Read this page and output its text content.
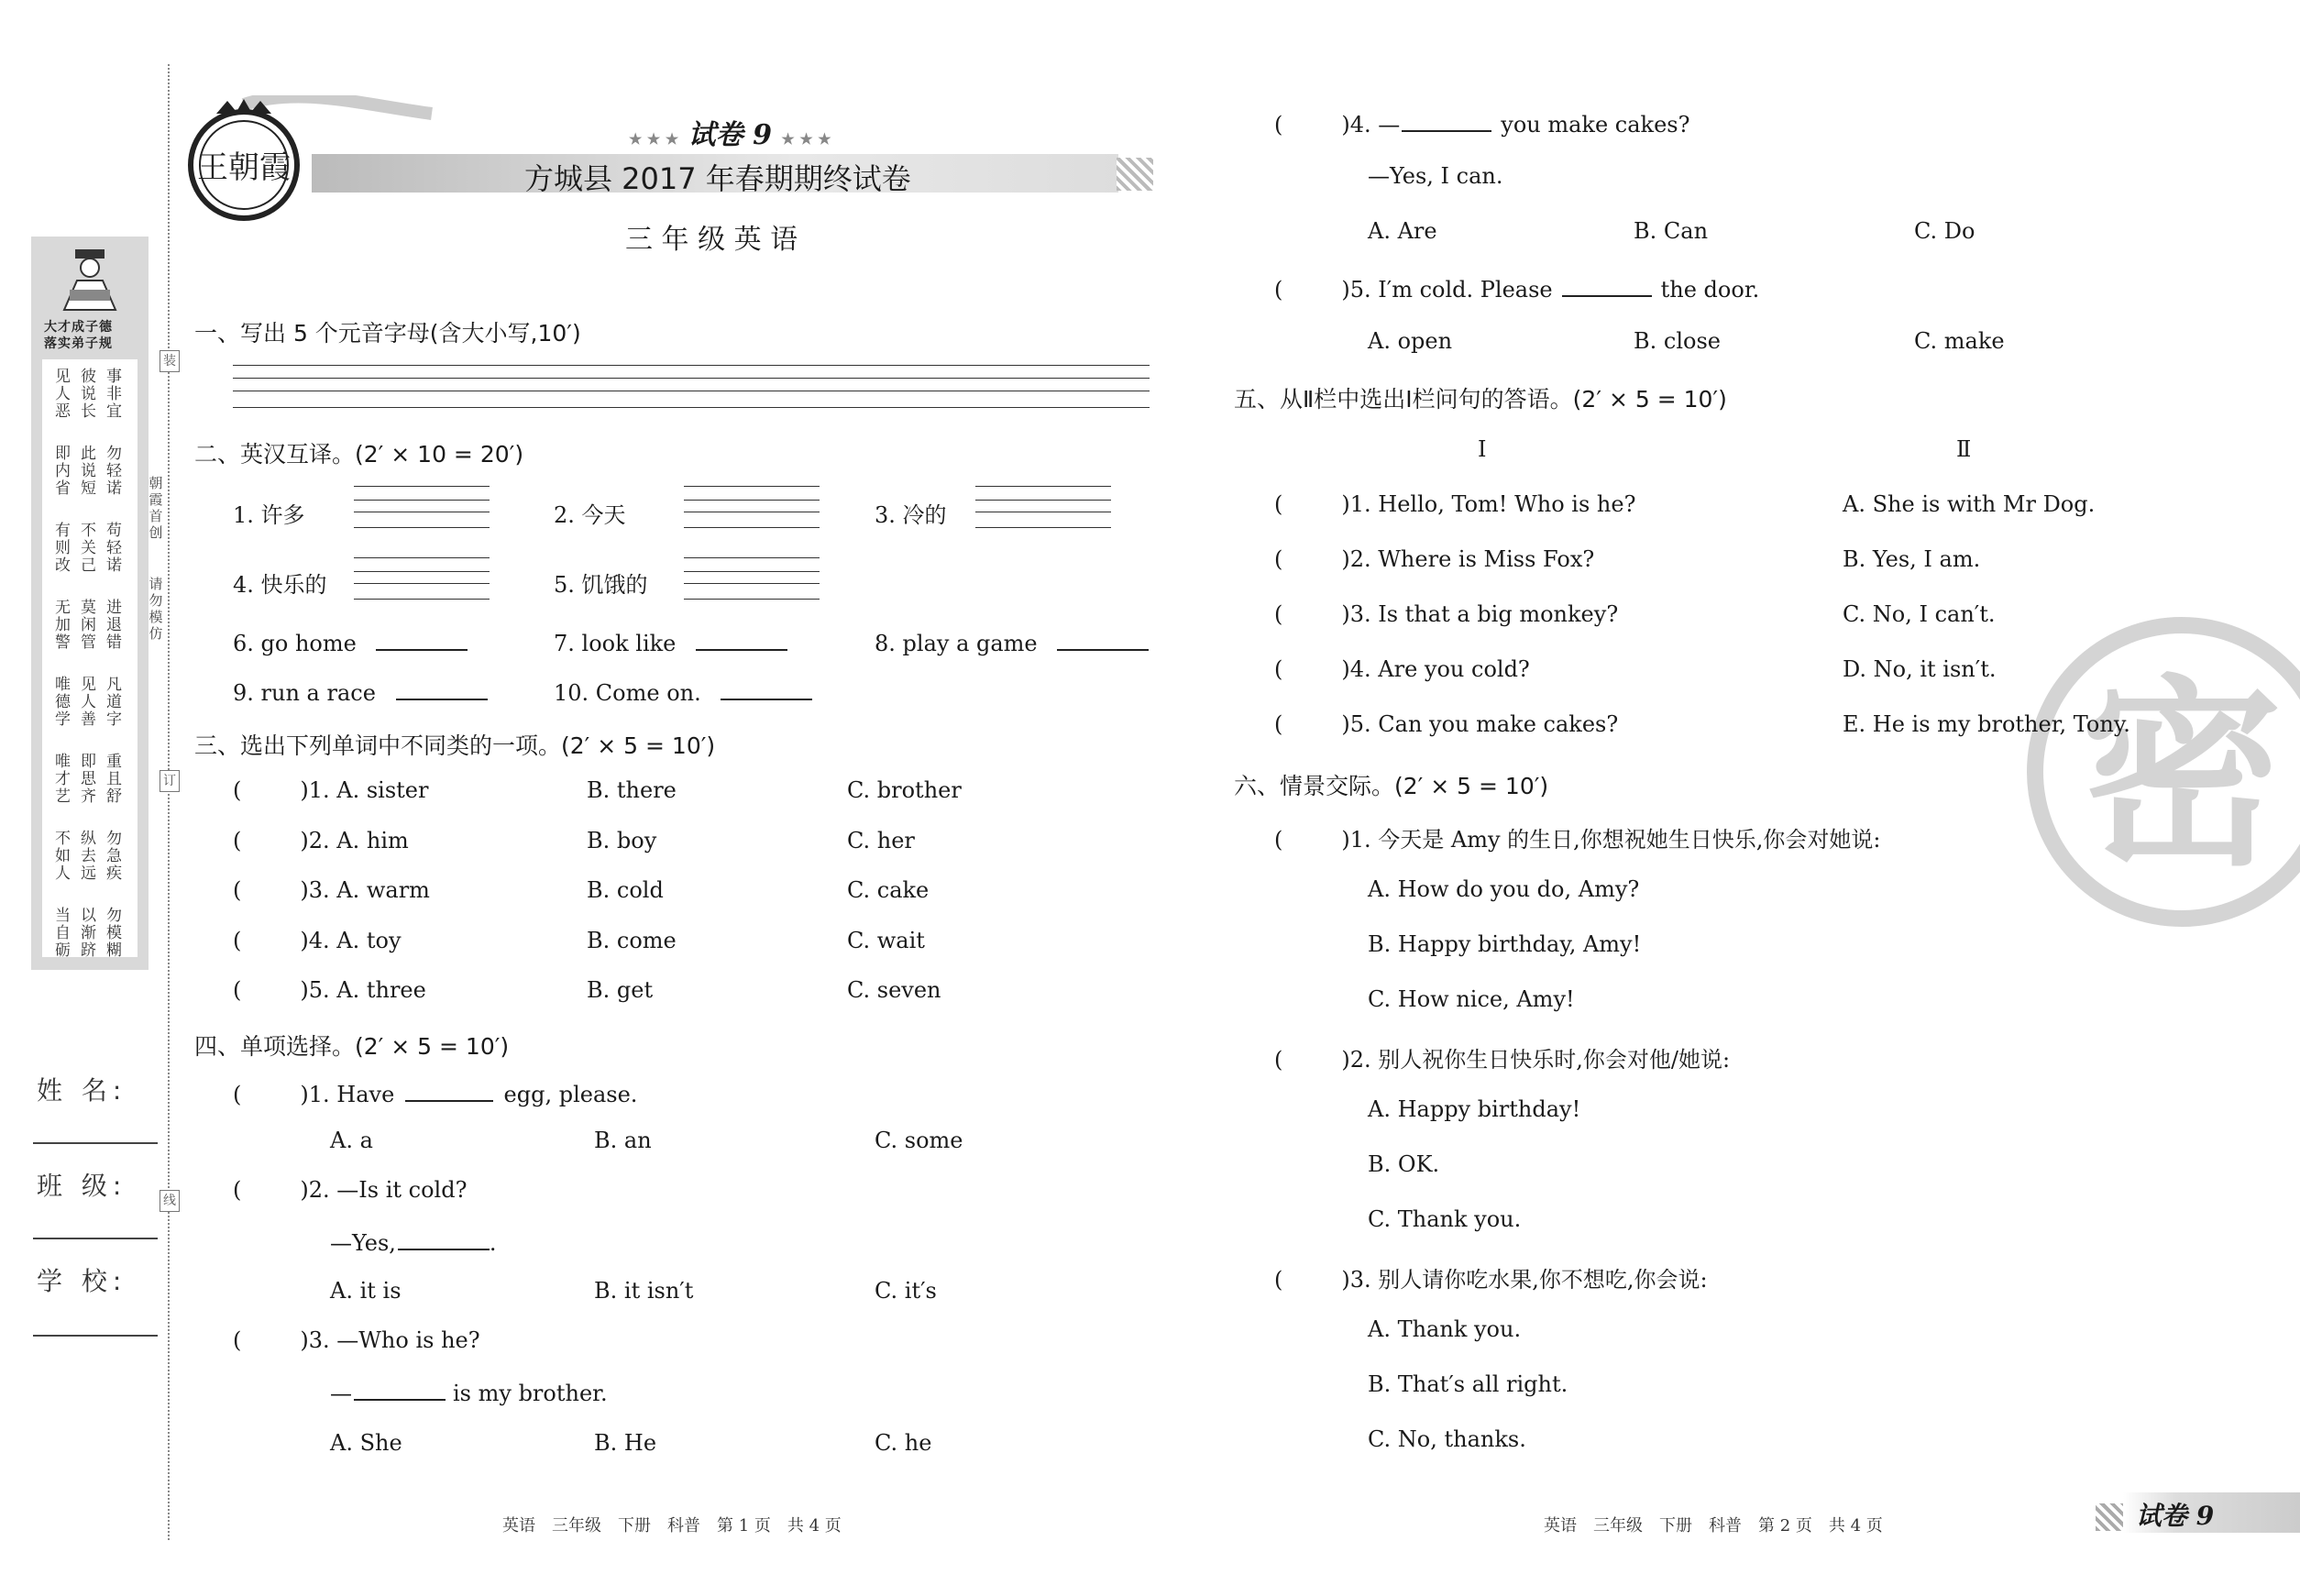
大才成子德
落实弟子规
见人恶
彼说长
事非宜
即内省
此说短
勿轻诺
有则改
不关己
苟轻诺
无加警
莫闲管
进退错
唯德学
见人善
凡道字
唯才艺
即思齐
重且舒
不如人
纵去远
勿急疾
当自砺
以渐跻
勿模糊
装
订
线
朝霞首创
请勿模仿
姓 名:
班 级:
学 校:
王朝霞
★ ★ ★ 试卷 9 ★ ★ ★
方城县 2017 年春期期终试卷
三 年 级 英 语
一、写出 5 个元音字母(含大小写,10′)
二、英汉互译。(2′ × 10 = 20′)
1. 许多	2. 今天	3. 冷的
4. 快乐的	5. 饥饿的
6. go home	7. look like	8. play a game
9. run a race	10. Come on.
三、选出下列单词中不同类的一项。(2′ × 5 = 10′)
(	)1. A. sister	B. there	C. brother
(	)2. A. him	B. boy	C. her
(	)3. A. warm	B. cold	C. cake
(	)4. A. toy	B. come	C. wait
(	)5. A. three	B. get	C. seven
四、单项选择。(2′ × 5 = 10′)
(	)1. Have	egg, please.
A. a	B. an	C. some
(	)2. —Is it cold?
—Yes,	.
A. it is	B. it isn′t	C. it′s
(	)3. —Who is he?
—	is my brother.
A. She	B. He	C. he
(	)4. —	you make cakes?
—Yes, I can.
A. Are	B. Can	C. Do
(	)5. I′m cold. Please	the door.
A. open	B. close	C. make
密
五、从Ⅱ栏中选出Ⅰ栏问句的答语。(2′ × 5 = 10′)
Ⅰ	Ⅱ
(	)1. Hello, Tom! Who is he?	A. She is with Mr Dog.
(	)2. Where is Miss Fox?	B. Yes, I am.
(	)3. Is that a big monkey?	C. No, I can′t.
(	)4. Are you cold?	D. No, it isn′t.
(	)5. Can you make cakes?	E. He is my brother, Tony.
六、情景交际。(2′ × 5 = 10′)
(	)1. 今天是 Amy 的生日,你想祝她生日快乐,你会对她说:
A. How do you do, Amy?
B. Happy birthday, Amy!
C. How nice, Amy!
(	)2. 别人祝你生日快乐时,你会对他/她说:
A. Happy birthday!
B. OK.
C. Thank you.
(	)3. 别人请你吃水果,你不想吃,你会说:
A. Thank you.
B. That′s all right.
C. No, thanks.
英语　三年级　下册　科普　第 1 页　共 4 页	英语　三年级　下册　科普　第 2 页　共 4 页	试卷 9
